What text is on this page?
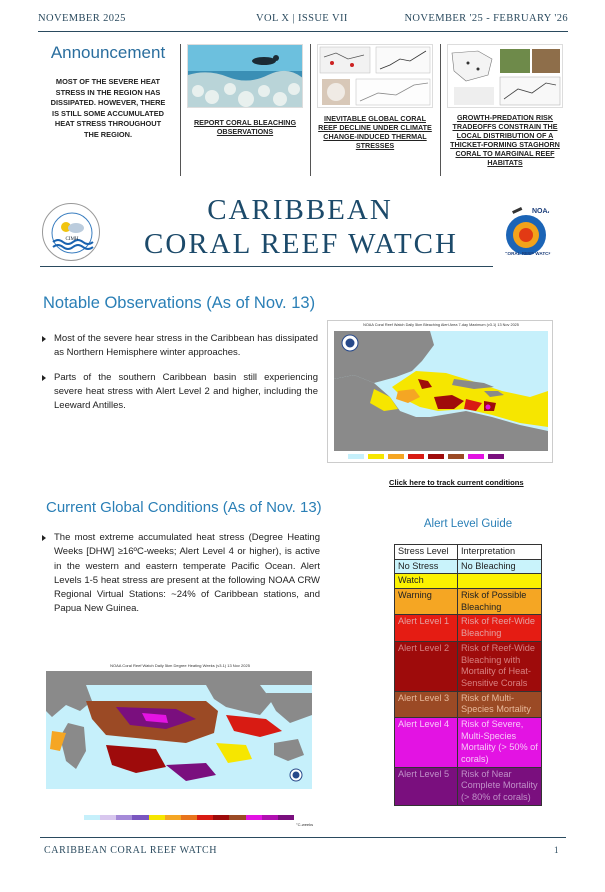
NOVEMBER 2025	VOL X | ISSUE VII	NOVEMBER '25 - FEBRUARY '26
Announcement
MOST OF THE SEVERE HEAT STRESS IN THE REGION HAS DISSIPATED. HOWEVER, THERE IS STILL SOME ACCUMULATED HEAT STRESS THROUGHOUT THE REGION.
REPORT CORAL BLEACHING OBSERVATIONS
INEVITABLE GLOBAL CORAL REEF DECLINE UNDER CLIMATE CHANGE-INDUCED THERMAL STRESSES
GROWTH-PREDATION RISK TRADEOFFS CONSTRAIN THE LOCAL DISTRIBUTION OF A THICKET-FORMING STAGHORN CORAL TO MARGINAL REEF HABITATS
CIMH
CARIBBEAN
CORAL REEF WATCH
NOAA
CORAL REEF WATCH
Notable Observations (As of Nov. 13)
Most of the severe hear stress in the Caribbean has dissipated as Northern Hemisphere winter approaches.
Parts of the southern Caribbean basin still experiencing severe heat stress with Alert Level 2 and higher, including the Leeward Antilles.
NOAA Coral Reef Watch Daily 5km Bleaching Alert Area 7-day Maximum (v3.1) 13 Nov 2025
Click here to track current conditions
Current Global Conditions (As of Nov. 13)
The most extreme accumulated heat stress (Degree Heating Weeks [DHW] ≥16ºC-weeks; Alert Level 4 or higher), is active in the western and eastern temperate Pacific Ocean. Alert Levels 1-5 heat stress are present at the following NOAA CRW Regional Virtual Stations: ~24% of Caribbean stations, and Papua New Guinea.
NOAA Coral Reef Watch Daily 5km Degree Heating Weeks (v3.1) 13 Nov 2025
°C-weeks
Alert Level Guide
Stress Level	Interpretation
No Stress	No Bleaching
Watch
Warning	Risk of Possible Bleaching
Alert Level 1	Risk of Reef-Wide Bleaching
Alert Level 2	Risk of Reef-Wide Bleaching with Mortality of Heat-Sensitive Corals
Alert Level 3	Risk of Multi-Species Mortality
Alert Level 4	Risk of Severe, Multi-Species Mortality (> 50% of corals)
Alert Level 5	Risk of Near Complete Mortality (> 80% of corals)
CARIBBEAN CORAL REEF WATCH	1
